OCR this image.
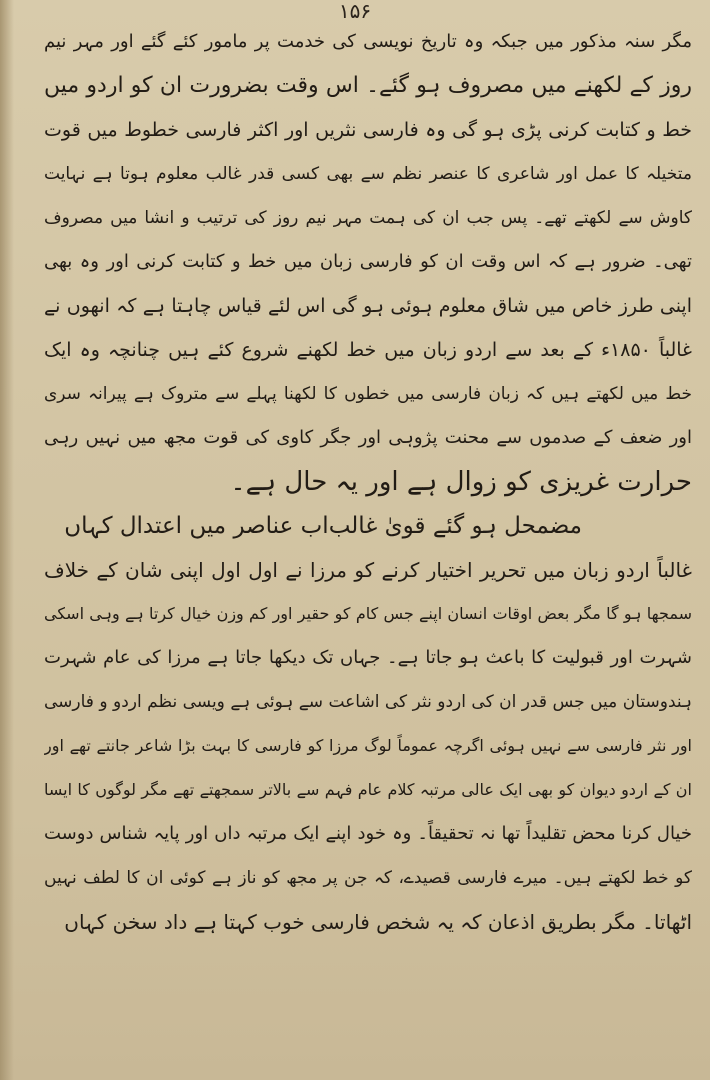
۱۵۶
مگر سنہ مذکور میں جبکہ وہ تاریخ نویسی کی خدمت پر مامور کئے گئے اور مہر نیم
روز کے لکھنے میں مصروف ہو گئے۔ اس وقت بضرورت ان کو اردو میں
خط و کتابت کرنی پڑی ہو گی وہ فارسی نثریں اور اکثر فارسی خطوط میں قوت
متخیلہ کا عمل اور شاعری کا عنصر نظم سے بھی کسی قدر غالب معلوم ہوتا ہے نہایت
کاوش سے لکھتے تھے۔ پس جب ان کی ہمت مہر نیم روز کی ترتیب و انشا میں مصروف
تھی۔ ضرور ہے کہ اس وقت ان کو فارسی زبان میں خط و کتابت کرنی اور وہ بھی
اپنی طرز خاص میں شاق معلوم ہوئی ہو گی اس لئے قیاس چاہتا ہے کہ انھوں نے
غالباً ۱۸۵۰ء کے بعد سے اردو زبان میں خط لکھنے شروع کئے ہیں چنانچہ وہ ایک
خط میں لکھتے ہیں کہ زبان فارسی میں خطوں کا لکھنا پہلے سے متروک ہے پیرانہ سری
اور ضعف کے صدموں سے محنت پژوہی اور جگر کاوی کی قوت مجھ میں نہیں رہی
حرارت غریزی کو زوال ہے اور یہ حال ہے۔
مضمحل ہو گئے قویٰ غالب
اب عناصر میں اعتدال کہاں
غالباً اردو زبان میں تحریر اختیار کرنے کو مرزا نے اول اول اپنی شان کے خلاف
سمجھا ہو گا مگر بعض اوقات انسان اپنے جس کام کو حقیر اور کم وزن خیال کرتا ہے وہی اسکی
شہرت اور قبولیت کا باعث ہو جاتا ہے۔ جہاں تک دیکھا جاتا ہے مرزا کی عام شہرت
ہندوستان میں جس قدر ان کی اردو نثر کی اشاعت سے ہوئی ہے ویسی نظم اردو و فارسی
اور نثر فارسی سے نہیں ہوئی اگرچہ عموماً لوگ مرزا کو فارسی کا بہت بڑا شاعر جانتے تھے اور
ان کے اردو دیوان کو بھی ایک عالی مرتبہ کلام عام فہم سے بالاتر سمجھتے تھے مگر لوگوں کا ایسا
خیال کرنا محض تقلیداً تھا نہ تحقیقاً۔ وہ خود اپنے ایک مرتبہ داں اور پایہ شناس دوست
کو خط لکھتے ہیں۔ میرے فارسی قصیدے، کہ جن پر مجھ کو ناز ہے کوئی ان کا لطف نہیں
اٹھاتا۔ مگر بطریق اذعان کہ یہ شخص فارسی خوب کہتا ہے داد سخن کہاں
